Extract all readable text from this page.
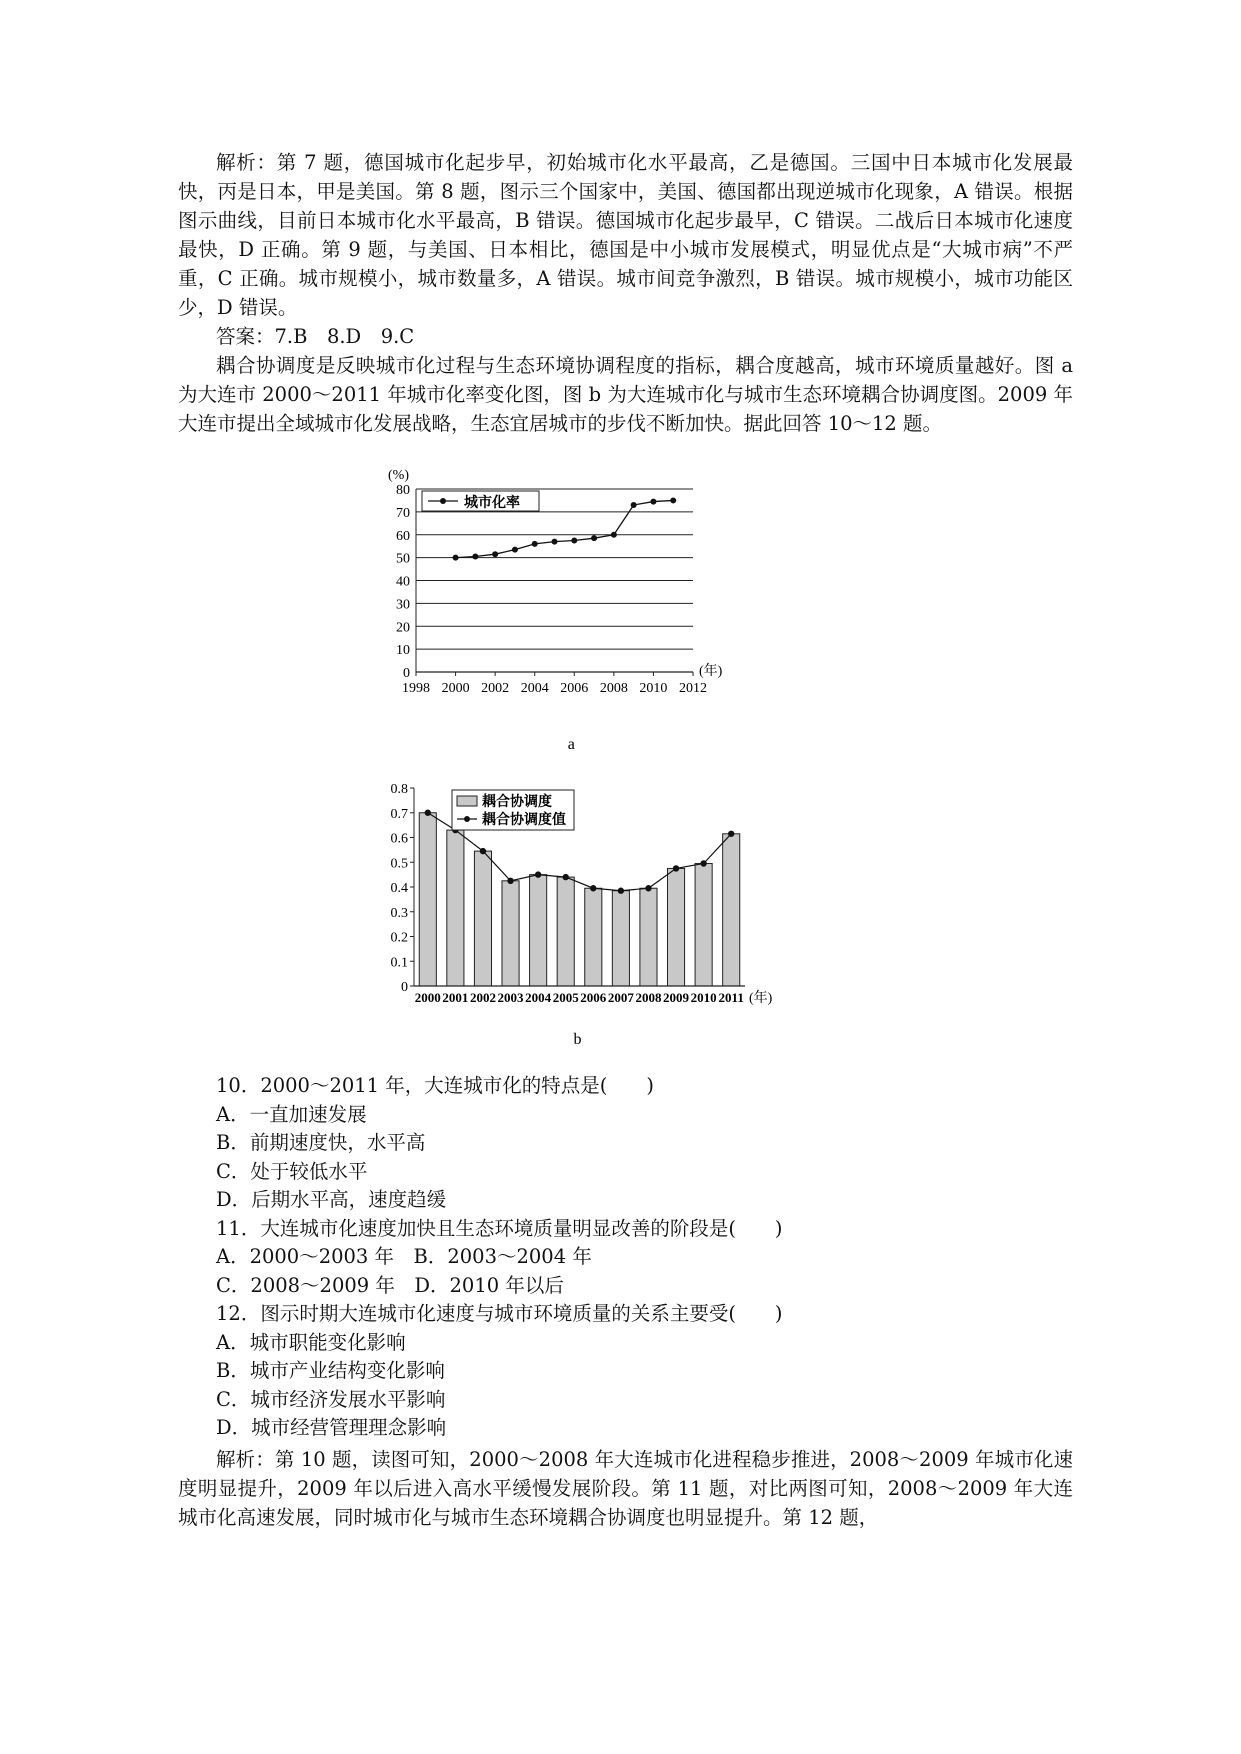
解析：第 7 题，德国城市化起步早，初始城市化水平最高，乙是德国。三国中日本城市化发展最快，丙是日本，甲是美国。第 8 题，图示三个国家中，美国、德国都出现逆城市化现象，A 错误。根据图示曲线，目前日本城市化水平最高，B 错误。德国城市化起步最早，C 错误。二战后日本城市化速度最快，D 正确。第 9 题，与美国、日本相比，德国是中小城市发展模式，明显优点是“大城市病”不严重，C 正确。城市规模小，城市数量多，A 错误。城市间竞争激烈，B 错误。城市规模小，城市功能区少，D 错误。

答案：7.B　8.D　9.C

耦合协调度是反映城市化过程与生态环境协调程度的指标，耦合度越高，城市环境质量越好。图 a 为大连市 2000～2011 年城市化率变化图，图 b 为大连城市化与城市生态环境耦合协调度图。2009 年大连市提出全域城市化发展战略，生态宜居城市的步伐不断加快。据此回答 10～12 题。

0
10
20
30
40
50
60
70
80
1998 2000 2002 2004 2006 2008 2010 2012
(%)
(年)
城市化率
a
0
0.1
0.2
0.3
0.4
0.5
0.6
0.7
0.8
2000 2001 2002 2003 2004 2005 2006 2007 2008 2009 2010 2011 (年)
耦合协调度
耦合协调度值
b

10．2000～2011 年，大连城市化的特点是(　　)

A．一直加速发展

B．前期速度快，水平高

C．处于较低水平

D．后期水平高，速度趋缓

11．大连城市化速度加快且生态环境质量明显改善的阶段是(　　)

A．2000～2003 年　B．2003～2004 年

C．2008～2009 年　D．2010 年以后

12．图示时期大连城市化速度与城市环境质量的关系主要受(　　)

A．城市职能变化影响

B．城市产业结构变化影响

C．城市经济发展水平影响

D．城市经营管理理念影响

解析：第 10 题，读图可知，2000～2008 年大连城市化进程稳步推进，2008～2009 年城市化速度明显提升，2009 年以后进入高水平缓慢发展阶段。第 11 题，对比两图可知，2008～2009 年大连城市化高速发展，同时城市化与城市生态环境耦合协调度也明显提升。第 12 题，
